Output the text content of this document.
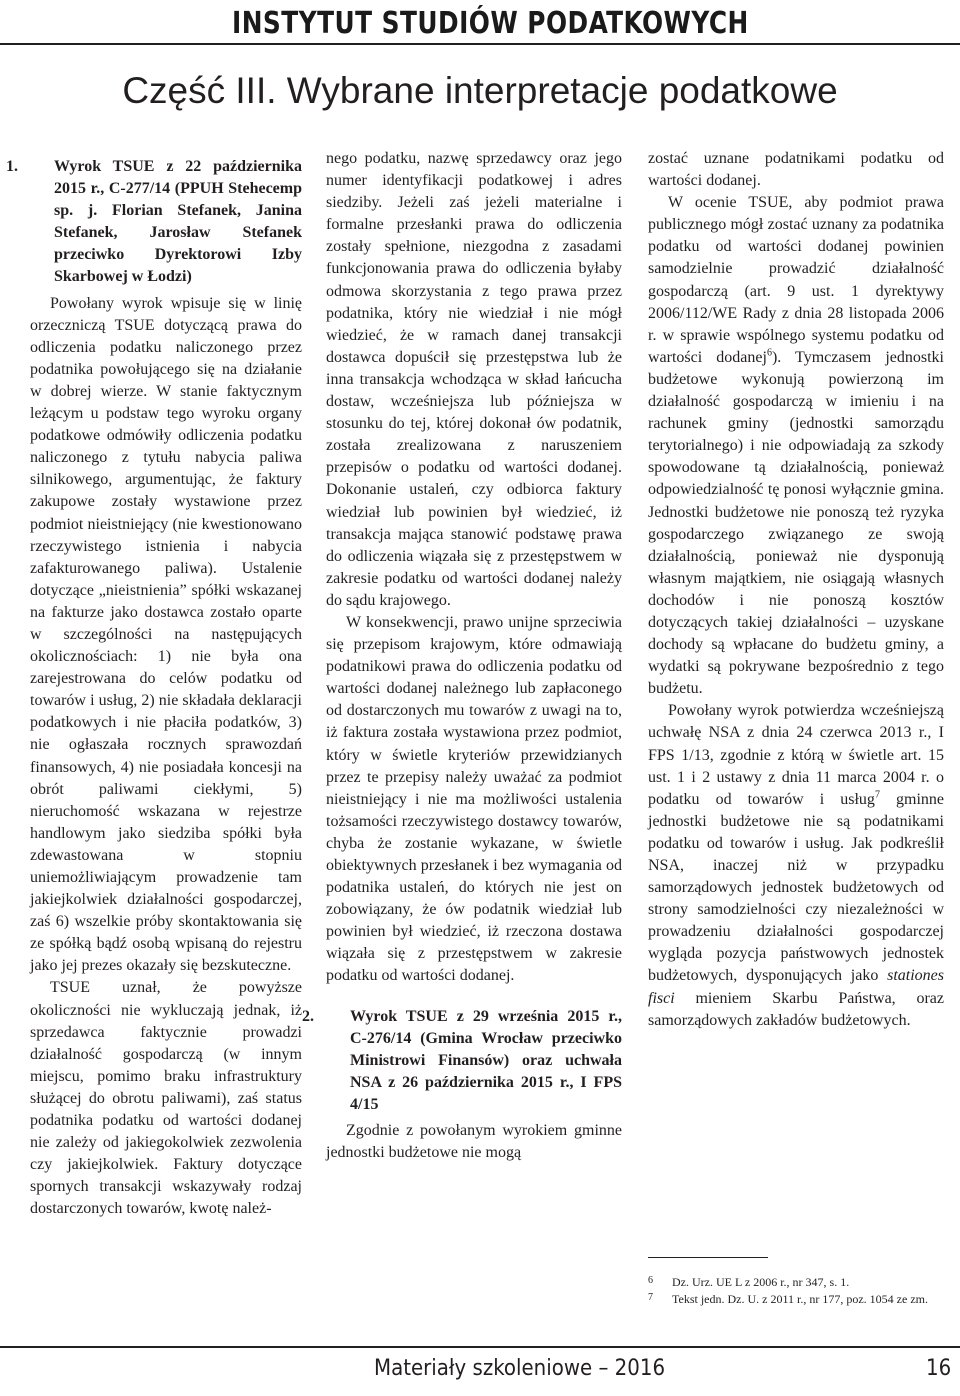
INSTYTUT STUDIÓW PODATKOWYCH
Część III. Wybrane interpretacje podatkowe

1. Wyrok TSUE z 22 października 2015 r., C‑277/14 (PPUH Stehecemp sp. j. Florian Stefanek, Janina Stefanek, Jarosław Stefanek przeciwko Dyrektorowi Izby Skarbowej w Łodzi)

Powołany wyrok wpisuje się w linię orzeczniczą TSUE dotyczącą prawa do odliczenia podatku naliczonego przez podatnika powołującego się na działanie w dobrej wierze. W stanie faktycznym leżącym u podstaw tego wyroku organy podatkowe odmówiły odliczenia podatku naliczonego z tytułu nabycia paliwa silnikowego, argumentując, że faktury zakupowe zostały wystawione przez podmiot nieistniejący (nie kwestionowano rzeczywistego istnienia i nabycia zafakturowanego paliwa). Ustalenie dotyczące „nieistnienia” spółki wskazanej na fakturze jako dostawca zostało oparte w szczególności na następujących okolicznościach: 1) nie była ona zarejestrowana do celów podatku od towarów i usług, 2) nie składała deklaracji podatkowych i nie płaciła podatków, 3) nie ogłaszała rocznych sprawozdań finansowych, 4) nie posiadała koncesji na obrót paliwami ciekłymi, 5) nieruchomość wskazana w rejestrze handlowym jako siedziba spółki była zdewastowana w stopniu uniemożliwiającym prowadzenie tam jakiejkolwiek działalności gospodarczej, zaś 6) wszelkie próby skontaktowania się ze spółką bądź osobą wpisaną do rejestru jako jej prezes okazały się bezskuteczne.

TSUE uznał, że powyższe okoliczności nie wykluczają jednak, iż sprzedawca faktycznie prowadzi działalność gospodarczą (w innym miejscu, pomimo braku infrastruktury służącej do obrotu paliwami), zaś status podatnika podatku od wartości dodanej nie zależy od jakiegokolwiek zezwolenia czy jakiejkolwiek. Faktury dotyczące spornych transakcji wskazywały rodzaj dostarczonych towarów, kwotę należ-

nego podatku, nazwę sprzedawcy oraz jego numer identyfikacji podatkowej i adres siedziby. Jeżeli zaś jeżeli materialne i formalne przesłanki prawa do odliczenia zostały spełnione, niezgodna z zasadami funkcjonowania prawa do odliczenia byłaby odmowa skorzystania z tego prawa przez podatnika, który nie wiedział i nie mógł wiedzieć, że w ramach danej transakcji dostawca dopuścił się przestępstwa lub że inna transakcja wchodząca w skład łańcucha dostaw, wcześniejsza lub późniejsza w stosunku do tej, której dokonał ów podatnik, została zrealizowana z naruszeniem przepisów o podatku od wartości dodanej. Dokonanie ustaleń, czy odbiorca faktury wiedział lub powinien był wiedzieć, iż transakcja mająca stanowić podstawę prawa do odliczenia wiązała się z przestępstwem w zakresie podatku od wartości dodanej należy do sądu krajowego.

W konsekwencji, prawo unijne sprzeciwia się przepisom krajowym, które odmawiają podatnikowi prawa do odliczenia podatku od wartości dodanej należnego lub zapłaconego od dostarczonych mu towarów z uwagi na to, iż faktura została wystawiona przez podmiot, który w świetle kryteriów przewidzianych przez te przepisy należy uważać za podmiot nieistniejący i nie ma możliwości ustalenia tożsamości rzeczywistego dostawcy towarów, chyba że zostanie wykazane, w świetle obiektywnych przesłanek i bez wymagania od podatnika ustaleń, do których nie jest on zobowiązany, że ów podatnik wiedział lub powinien był wiedzieć, iż rzeczona dostawa wiązała się z przestępstwem w zakresie podatku od wartości dodanej.

2. Wyrok TSUE z 29 września 2015 r., C‑276/14 (Gmina Wrocław przeciwko Ministrowi Finansów) oraz uchwała NSA z 26 października 2015 r., I FPS 4/15

Zgodnie z powołanym wyrokiem gminne jednostki budżetowe nie mogą

zostać uznane podatnikami podatku od wartości dodanej.

W ocenie TSUE, aby podmiot prawa publicznego mógł zostać uznany za podatnika podatku od wartości dodanej powinien samodzielnie prowadzić działalność gospodarczą (art. 9 ust. 1 dyrektywy 2006/112/WE Rady z dnia 28 listopada 2006 r. w sprawie wspólnego systemu podatku od wartości dodanej$^6$). Tymczasem jednostki budżetowe wykonują powierzoną im działalność gospodarczą w imieniu i na rachunek gminy (jednostki samorządu terytorialnego) i nie odpowiadają za szkody spowodowane tą działalnością, ponieważ odpowiedzialność tę ponosi wyłącznie gmina. Jednostki budżetowe nie ponoszą też ryzyka gospodarczego związanego ze swoją działalnością, ponieważ nie dysponują własnym majątkiem, nie osiągają własnych dochodów i nie ponoszą kosztów dotyczących takiej działalności – uzyskane dochody są wpłacane do budżetu gminy, a wydatki są pokrywane bezpośrednio z tego budżetu.

Powołany wyrok potwierdza wcześniejszą uchwałę NSA z dnia 24 czerwca 2013 r., I FPS 1/13, zgodnie z którą w świetle art. 15 ust. 1 i 2 ustawy z dnia 11 marca 2004 r. o podatku od towarów i usług$^7$ gminne jednostki budżetowe nie są podatnikami podatku od towarów i usług. Jak podkreślił NSA, inaczej niż w przypadku samorządowych jednostek budżetowych od strony samodzielności czy niezależności w prowadzeniu działalności gospodarczej wygląda pozycja państwowych jednostek budżetowych, dysponujących jako stationes fisci mieniem Skarbu Państwa, oraz samorządowych zakładów budżetowych.

6 Dz. Urz. UE L z 2006 r., nr 347, s. 1.

7 Tekst jedn. Dz. U. z 2011 r., nr 177, poz. 1054 ze zm.

Materiały szkoleniowe – 2016	16
